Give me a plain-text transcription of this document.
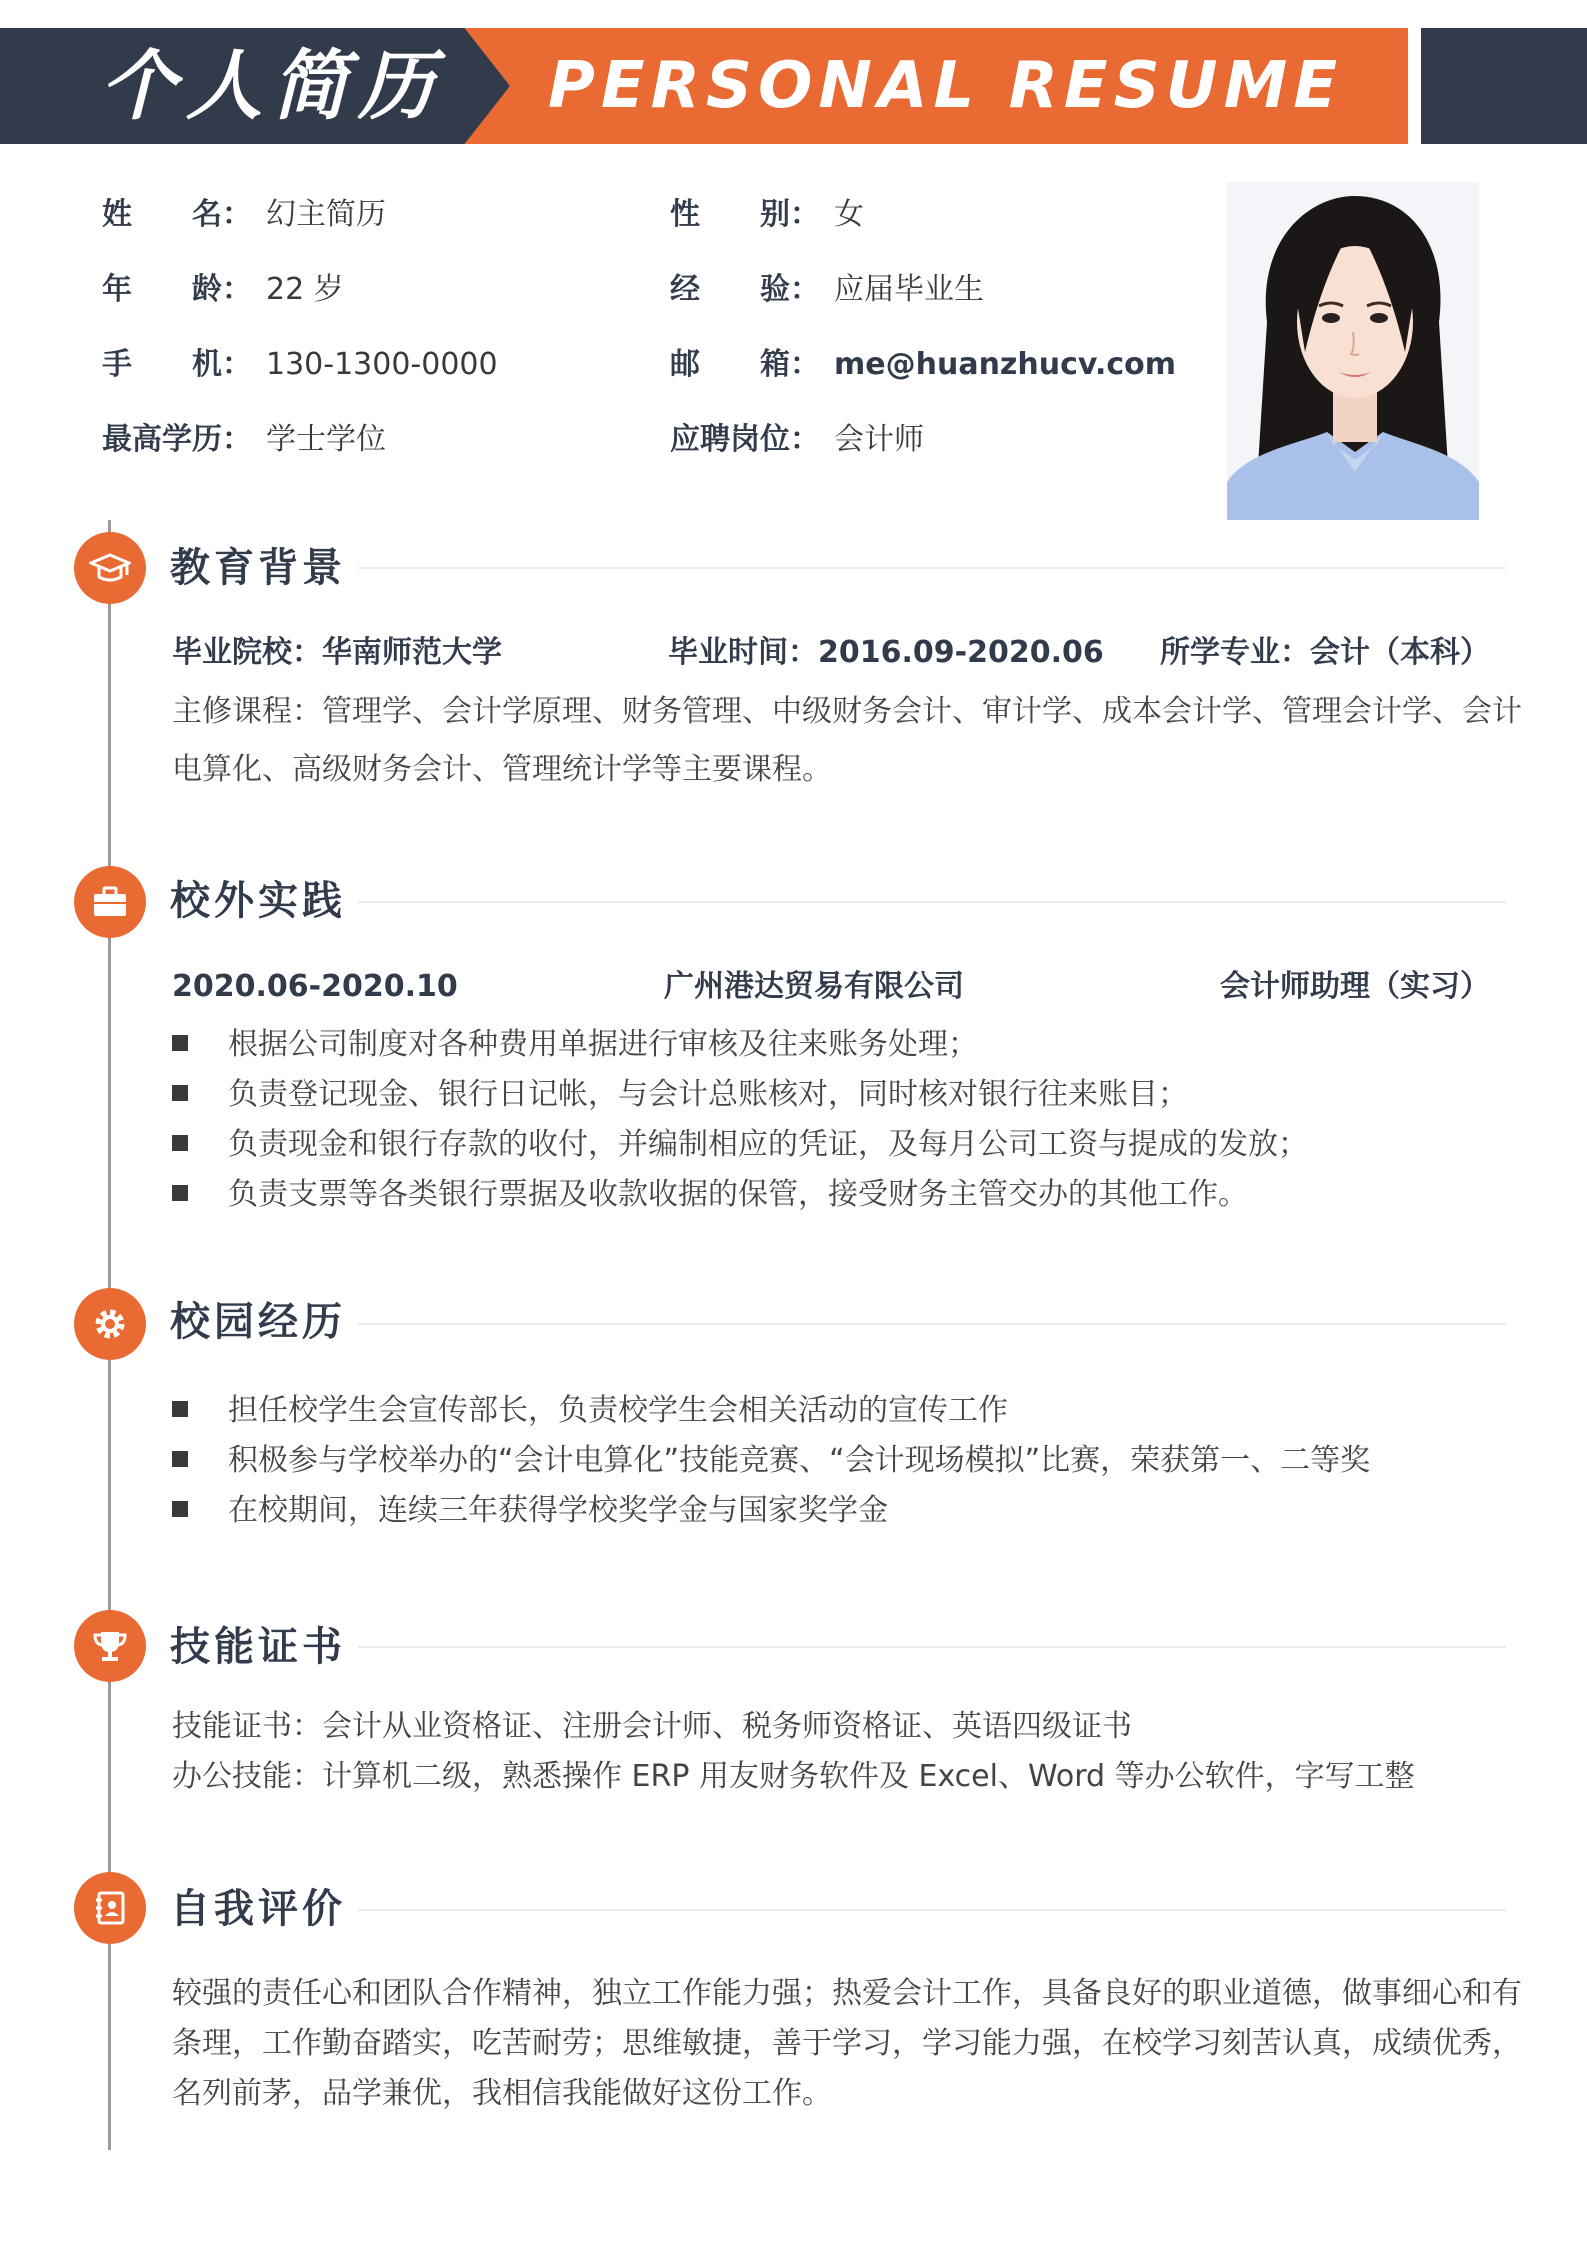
个人简历 PERSONAL RESUME
姓　　名： 幻主简历	性　　别： 女
年　　龄： 22 岁	经　　验： 应届毕业生
手　　机： 130-1300-0000	邮　　箱： me@huanzhucv.com
最高学历： 学士学位	应聘岗位： 会计师
教育背景
毕业院校：华南师范大学	毕业时间：2016.09-2020.06 所学专业：会计（本科）
主修课程：管理学、会计学原理、财务管理、中级财务会计、审计学、成本会计学、管理会计学、会计
电算化、高级财务会计、管理统计学等主要课程。
校外实践
2020.06-2020.10	广州港达贸易有限公司	会计师助理（实习）
根据公司制度对各种费用单据进行审核及往来账务处理；
负责登记现金、银行日记帐，与会计总账核对，同时核对银行往来账目；
负责现金和银行存款的收付，并编制相应的凭证，及每月公司工资与提成的发放；
负责支票等各类银行票据及收款收据的保管，接受财务主管交办的其他工作。
校园经历
担任校学生会宣传部长，负责校学生会相关活动的宣传工作
积极参与学校举办的“会计电算化”技能竞赛、“会计现场模拟”比赛，荣获第一、二等奖
在校期间，连续三年获得学校奖学金与国家奖学金
技能证书
技能证书：会计从业资格证、注册会计师、税务师资格证、英语四级证书
办公技能：计算机二级，熟悉操作 ERP 用友财务软件及 Excel、Word 等办公软件，字写工整
自我评价
较强的责任心和团队合作精神，独立工作能力强；热爱会计工作，具备良好的职业道德，做事细心和有
条理，工作勤奋踏实，吃苦耐劳；思维敏捷，善于学习，学习能力强，在校学习刻苦认真，成绩优秀，
名列前茅，品学兼优，我相信我能做好这份工作。
